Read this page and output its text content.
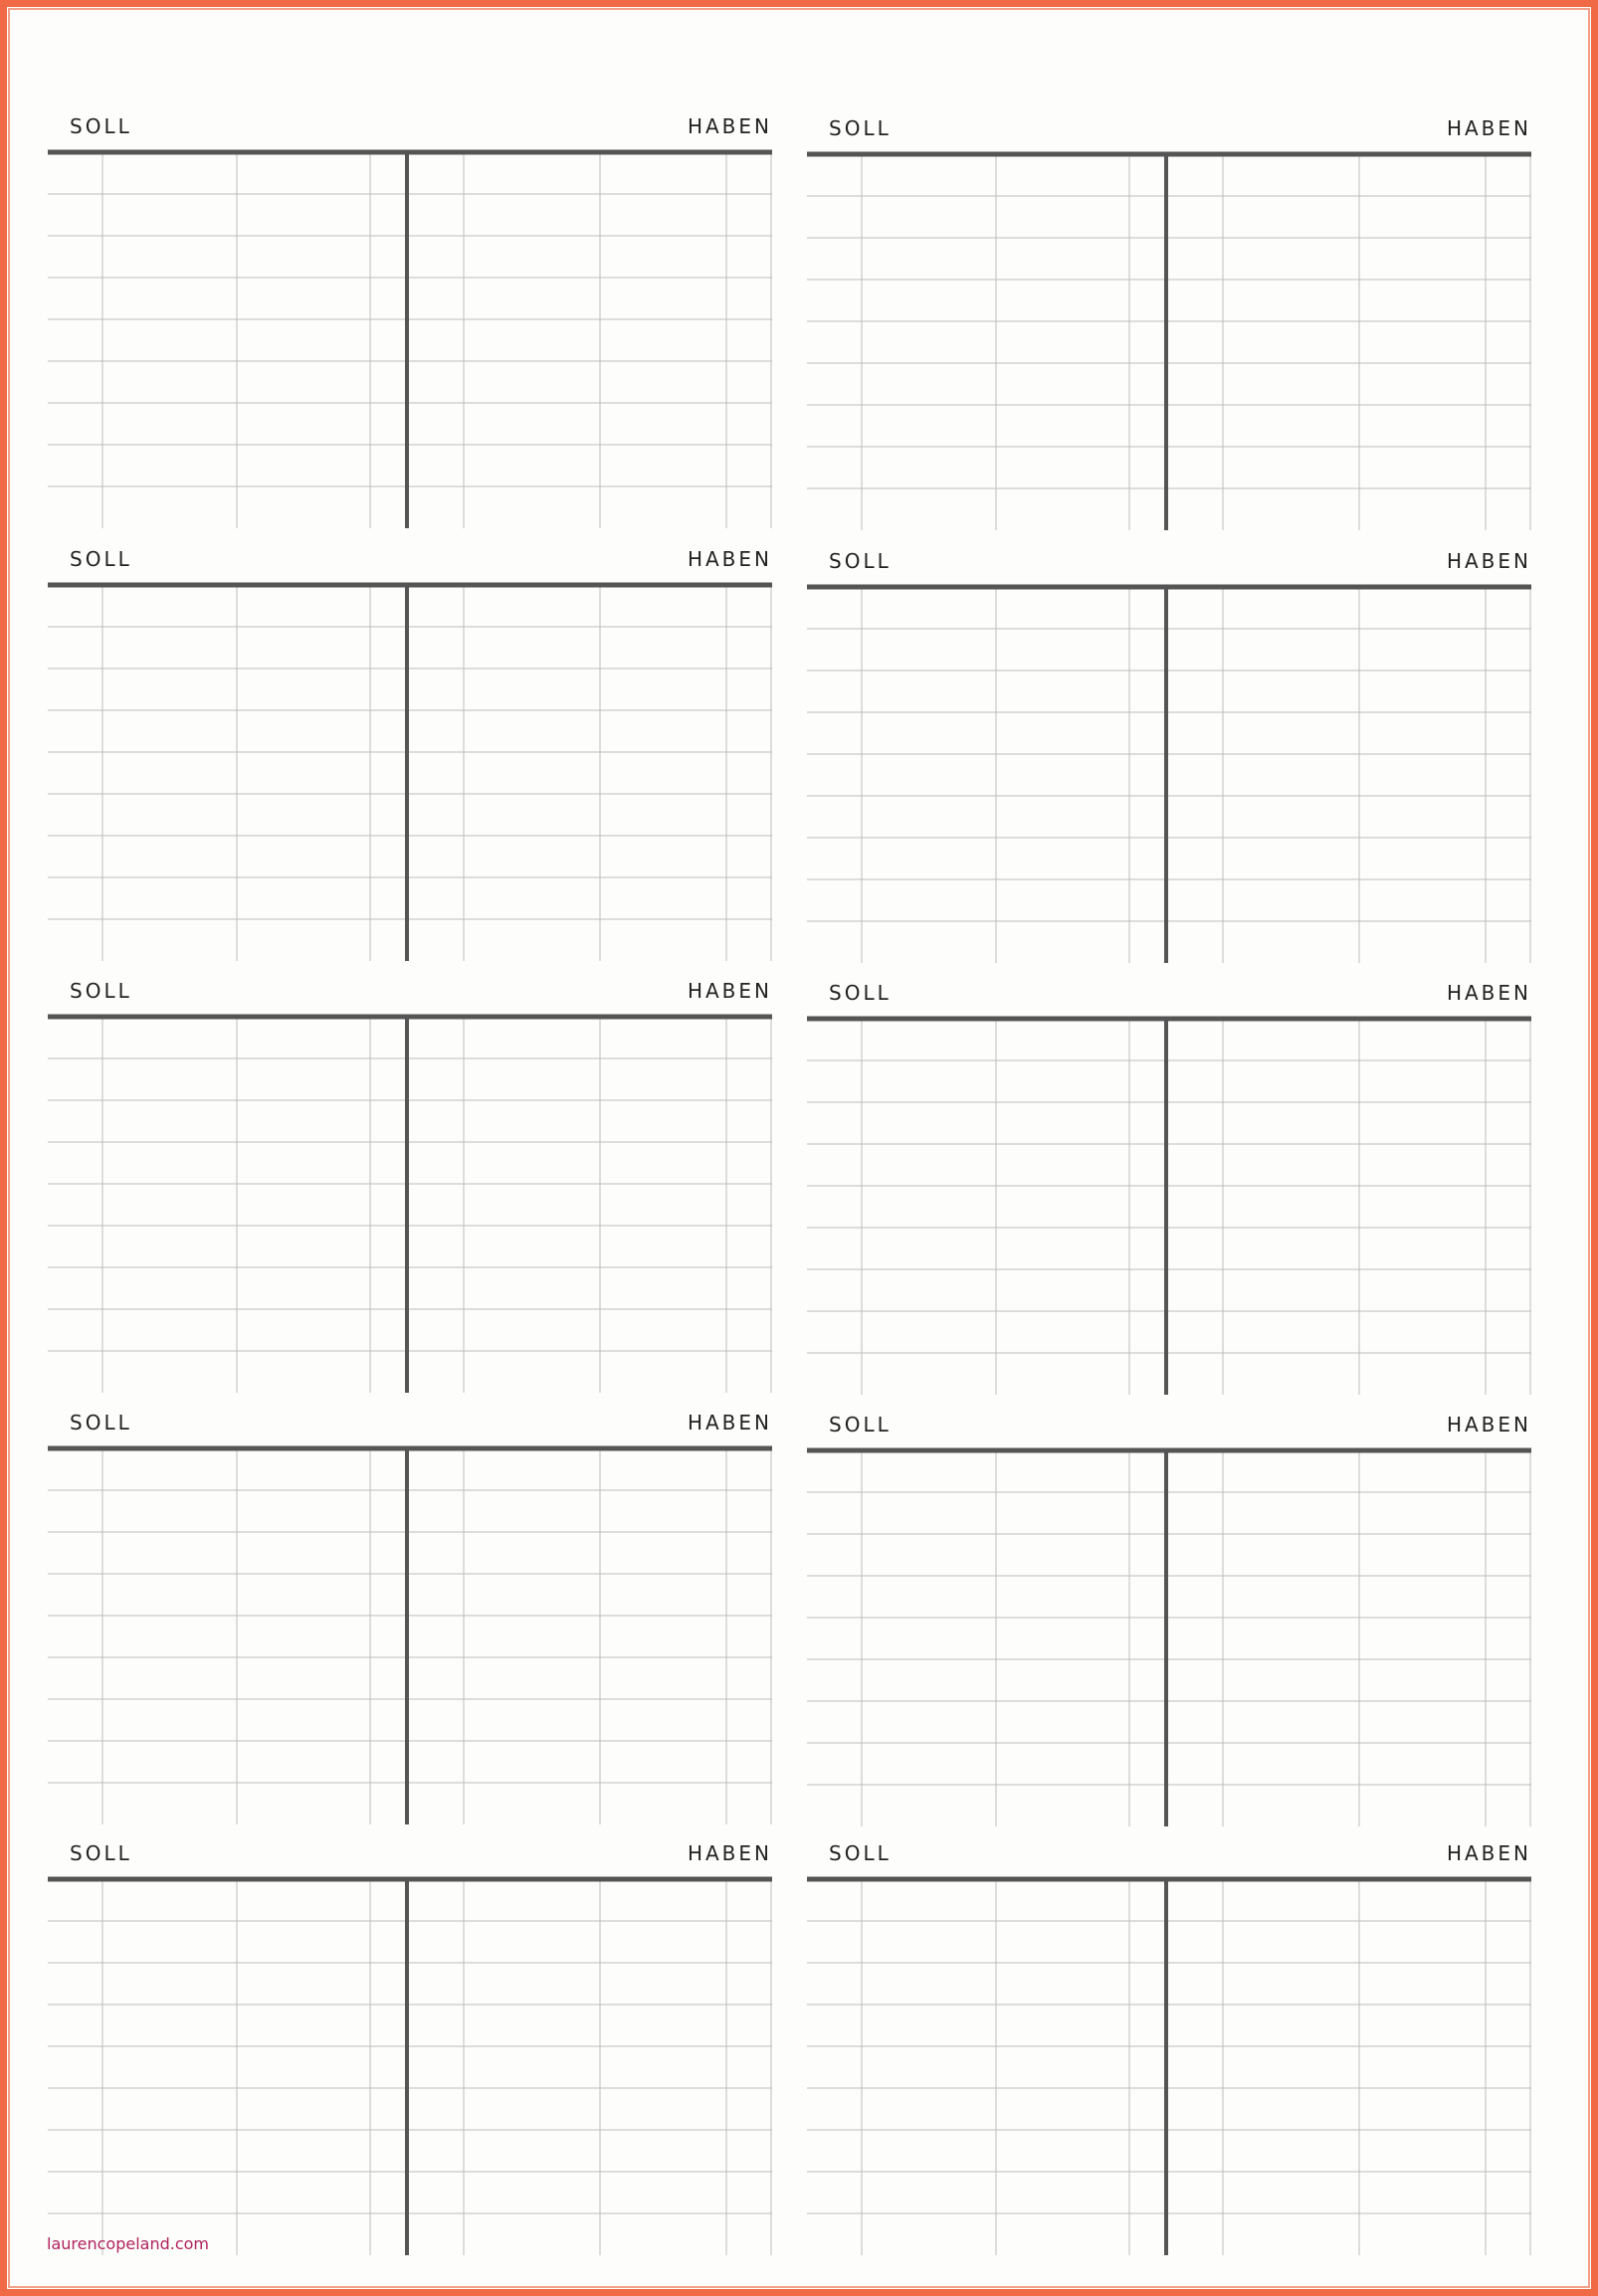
SOLL	HABEN	SOLL	HABEN
SOLL	HABEN	SOLL	HABEN
SOLL	HABEN	SOLL	HABEN
SOLL	HABEN	SOLL	HABEN
SOLL	HABEN	SOLL	HABEN
laurencopeland.com
